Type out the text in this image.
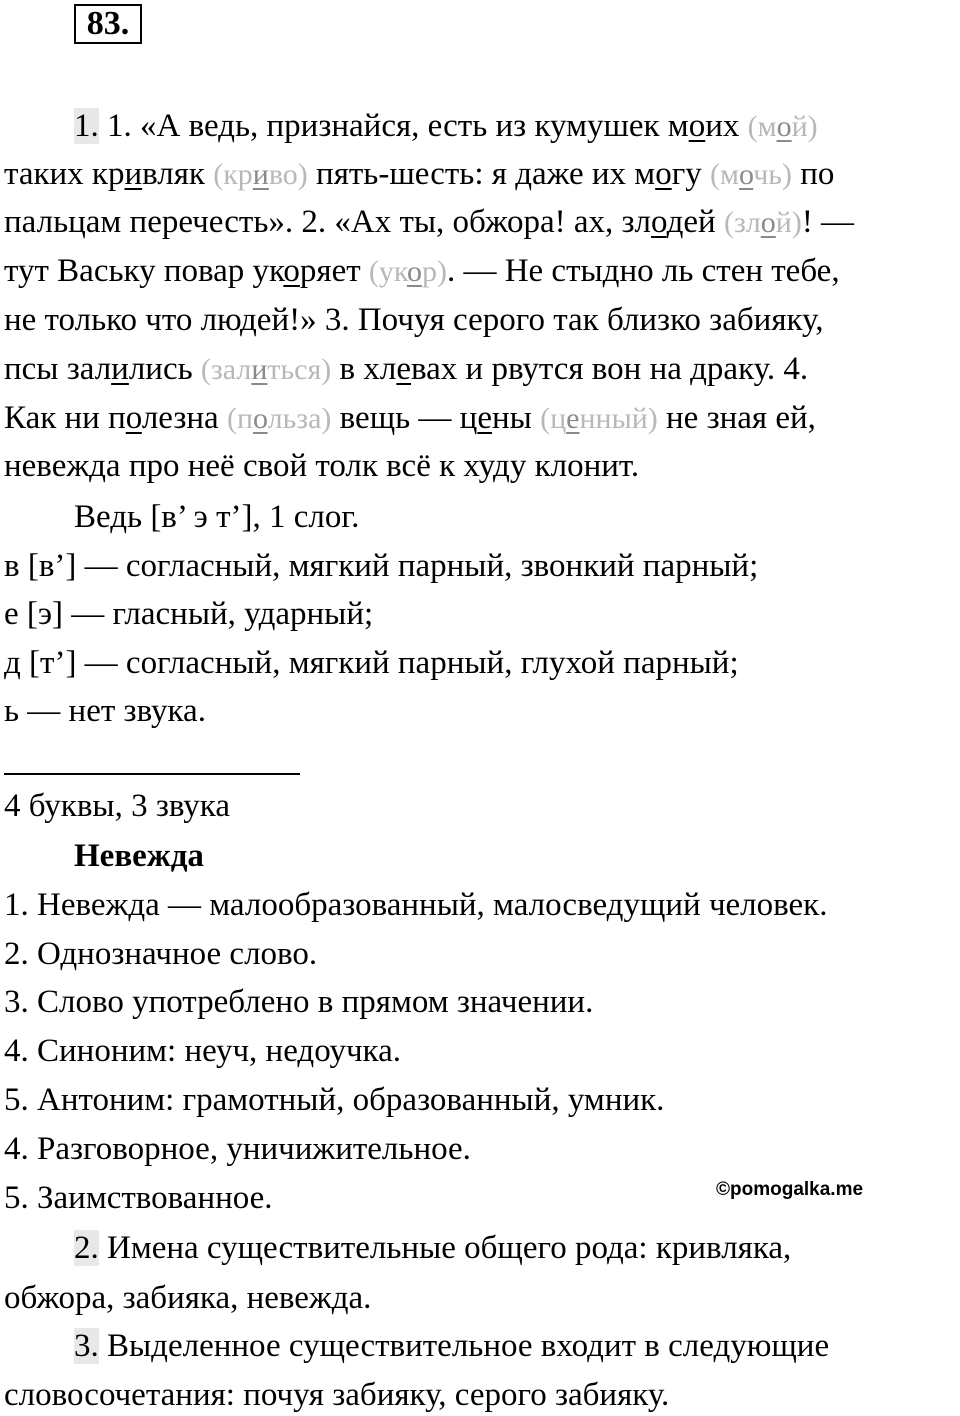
83.
1. 1. «А ведь, признайся, есть из кумушек моих (мой)
таких кривляк (криво) пять-шесть: я даже их могу (мочь) по
пальцам перечесть». 2. «Ах ты, обжора! ах, злодей (злой)! —
тут Ваську повар укоряет (укор). — Не стыдно ль стен тебе,
не только что людей!» 3. Почуя серого так близко забияку,
псы залились (залиться) в хлевах и рвутся вон на драку. 4.
Как ни полезна (польза) вещь — цены (ценный) не зная ей,
невежда про неё свой толк всё к худу клонит.
Ведь [в’ э т’], 1 слог.
в [в’] — согласный, мягкий парный, звонкий парный;
е [э] — гласный, ударный;
д [т’] — согласный, мягкий парный, глухой парный;
ь — нет звука.
4 буквы, 3 звука
Невежда
1. Невежда — малообразованный, малосведущий человек.
2. Однозначное слово.
3. Слово употреблено в прямом значении.
4. Синоним: неуч, недоучка.
5. Антоним: грамотный, образованный, умник.
4. Разговорное, уничижительное.
5. Заимствованное.	©pomogalka.me
2. Имена существительные общего рода: кривляка,
обжора, забияка, невежда.
3. Выделенное существительное входит в следующие
словосочетания: почуя забияку, серого забияку.
